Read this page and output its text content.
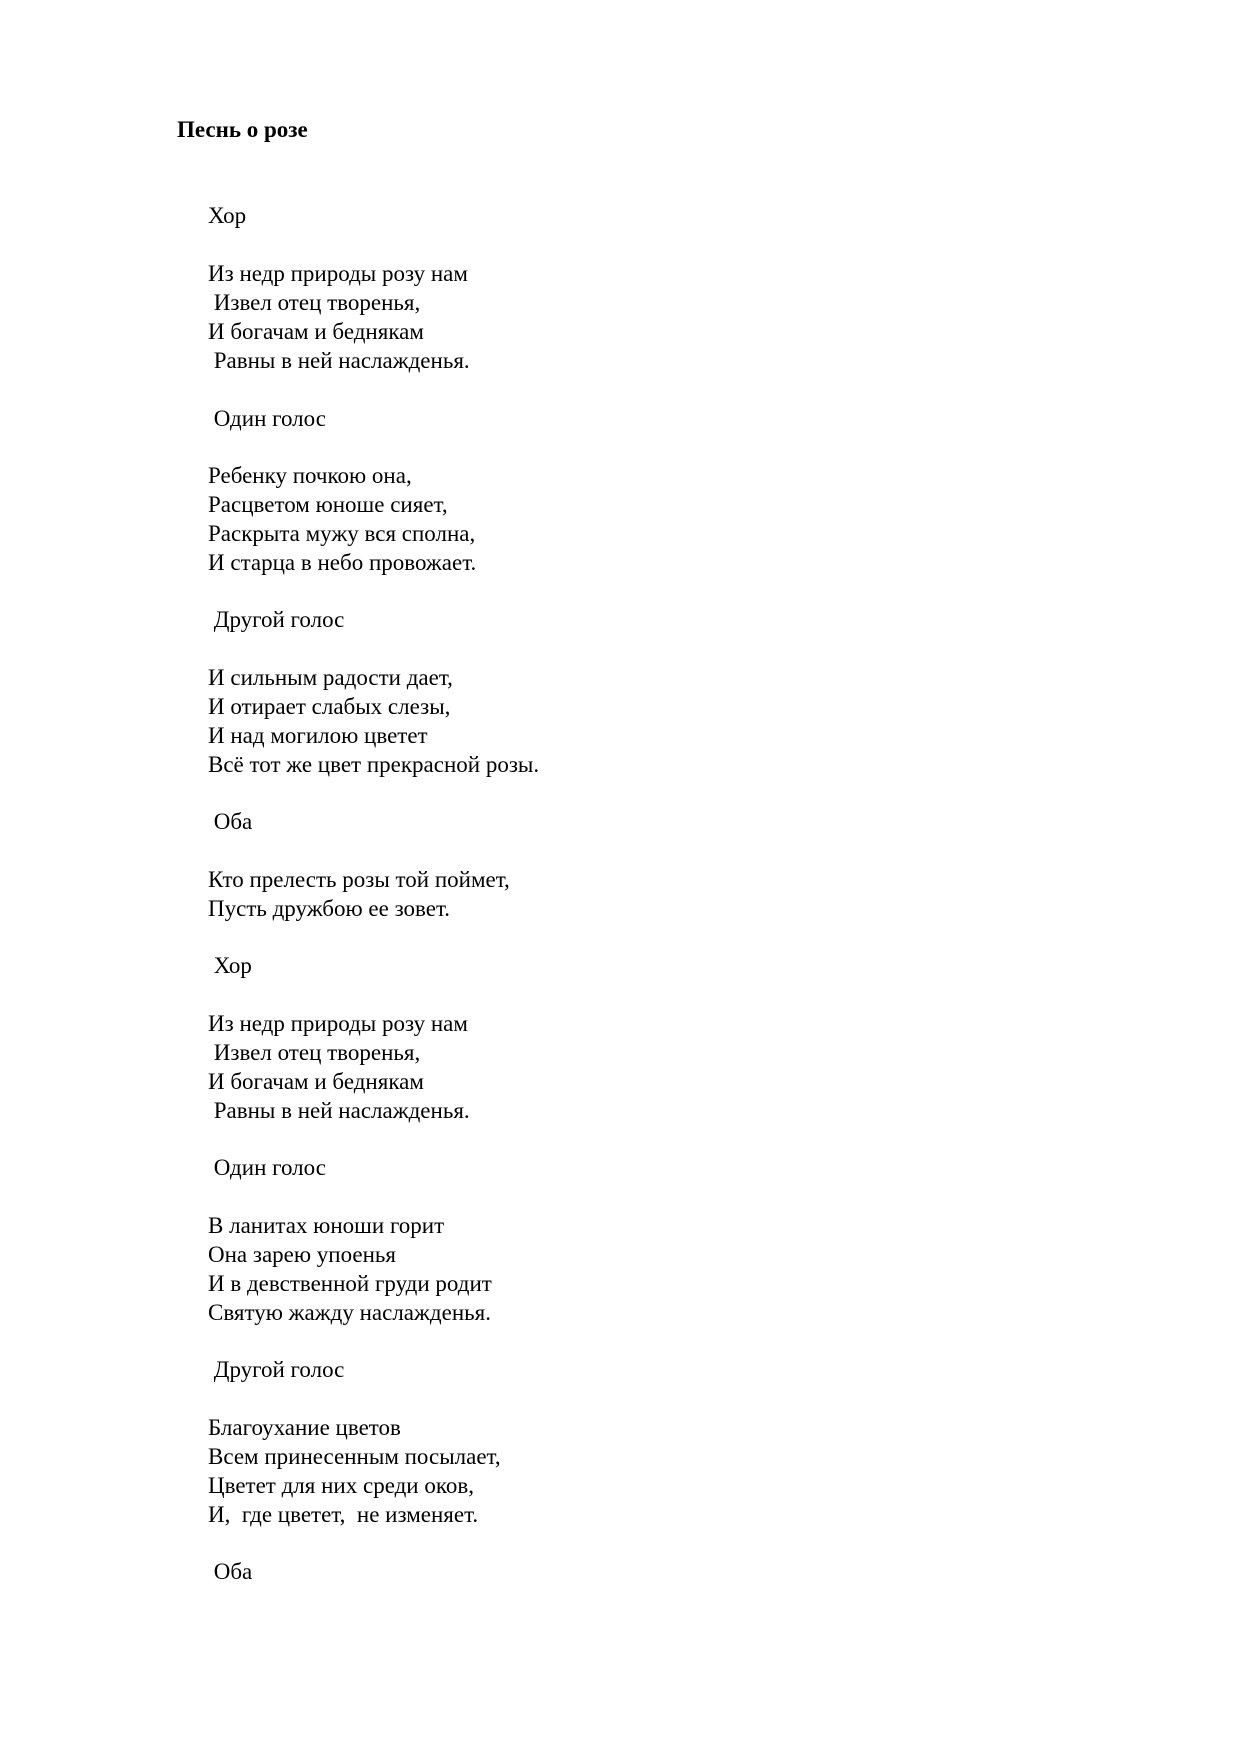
Песнь о розе
Хор
Из недр природы розу нам
Извел отец творенья,
И богачам и беднякам
Равны в ней наслажденья.
Один голос
Ребенку почкою она,
Расцветом юноше сияет,
Раскрыта мужу вся сполна,
И старца в небо провожает.
Другой голос
И сильным радости дает,
И отирает слабых слезы,
И над могилою цветет
Всё тот же цвет прекрасной розы.
Оба
Кто прелесть розы той поймет,
Пусть дружбою ее зовет.
Хор
Из недр природы розу нам
Извел отец творенья,
И богачам и беднякам
Равны в ней наслажденья.
Один голос
В ланитах юноши горит
Она зарею упоенья
И в девственной груди родит
Святую жажду наслажденья.
Другой голос
Благоухание цветов
Всем принесенным посылает,
Цветет для них среди оков,
И,  где цветет,  не изменяет.
Оба
